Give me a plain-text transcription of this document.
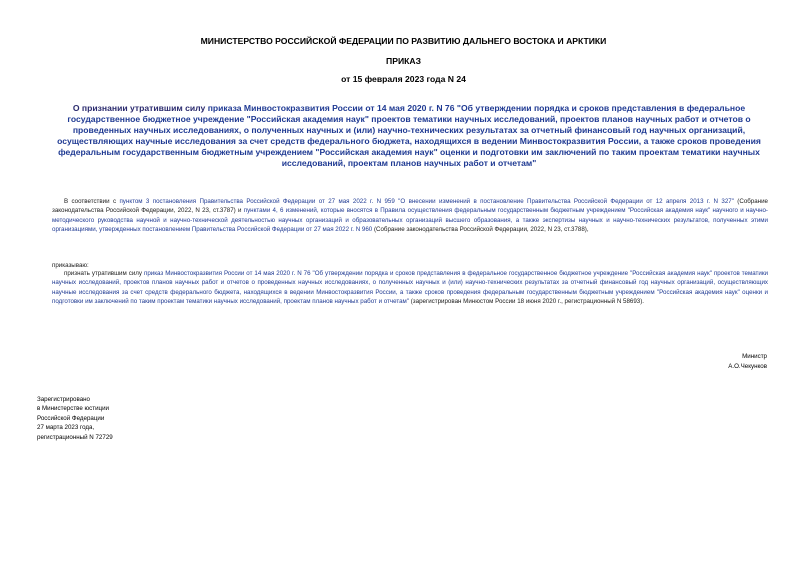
МИНИСТЕРСТВО РОССИЙСКОЙ ФЕДЕРАЦИИ ПО РАЗВИТИЮ ДАЛЬНЕГО ВОСТОКА И АРКТИКИ
ПРИКАЗ
от 15 февраля 2023 года N 24
О признании утратившим силу приказа Минвостокразвития России от 14 мая 2020 г. N 76 "Об утверждении порядка и сроков представления в федеральное государственное бюджетное учреждение "Российская академия наук" проектов тематики научных исследований, проектов планов научных работ и отчетов о проведенных научных исследованиях, о полученных научных и (или) научно-технических результатах за отчетный финансовый год научных организаций, осуществляющих научные исследования за счет средств федерального бюджета, находящихся в ведении Минвостокразвития России, а также сроков проведения федеральным государственным бюджетным учреждением "Российская академия наук" оценки и подготовки им заключений по таким проектам тематики научных исследований, проектам планов научных работ и отчетам"
В соответствии с пунктом 3 постановления Правительства Российской Федерации от 27 мая 2022 г. N 959 "О внесении изменений в постановление Правительства Российской Федерации от 12 апреля 2013 г. N 327" (Собрание законодательства Российской Федерации, 2022, N 23, ст.3787) и пунктами 4, 6 изменений, которые вносятся в Правила осуществления федеральным государственным бюджетным учреждением "Российская академия наук" научного и научно-методического руководства научной и научно-технической деятельностью научных организаций и образовательных организаций высшего образования, а также экспертизы научных и научно-технических результатов, полученных этими организациями, утвержденных постановлением Правительства Российской Федерации от 27 мая 2022 г. N 960 (Собрание законодательства Российской Федерации, 2022, N 23, ст.3788),
приказываю:
признать утратившим силу приказ Минвостокразвития России от 14 мая 2020 г. N 76 "Об утверждении порядка и сроков представления в федеральное государственное бюджетное учреждение "Российская академия наук" проектов тематики научных исследований, проектов планов научных работ и отчетов о проведенных научных исследованиях, о полученных научных и (или) научно-технических результатах за отчетный финансовый год научных организаций, осуществляющих научные исследования за счет средств федерального бюджета, находящихся в ведении Минвостокразвития России, а также сроков проведения федеральным государственным бюджетным учреждением "Российская академия наук" оценки и подготовки им заключений по таким проектам тематики научных исследований, проектам планов научных работ и отчетам" (зарегистрирован Минюстом России 18 июня 2020 г., регистрационный N 58693).
Министр
А.О.Чекунков
Зарегистрировано
в Министерстве юстиции
Российской Федерации
27 марта 2023 года,
регистрационный N 72729
